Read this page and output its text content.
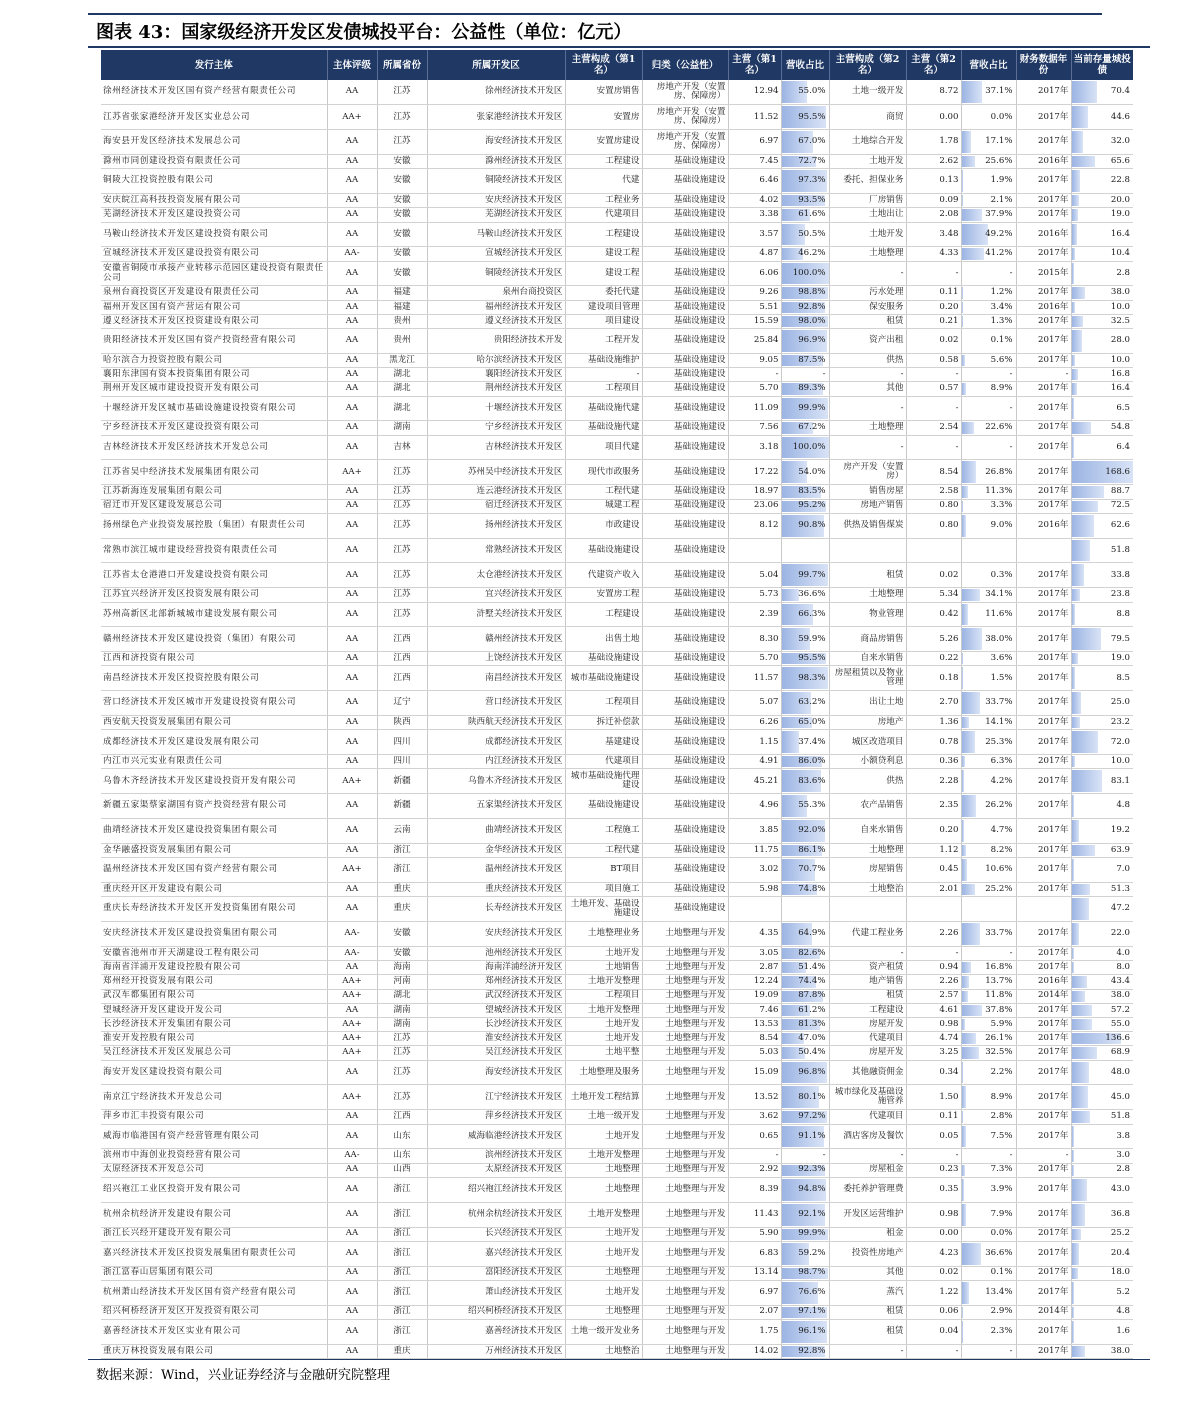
图表 43：国家级经济开发区发债城投平台：公益性（单位：亿元）
发行主体	主体评级	所属省份	所属开发区	主营构成（第1名）	归类（公益性）	主营（第1名）	营收占比	主营构成（第2名）	主营（第2名）	营收占比	财务数据年份	当前存量城投债
徐州经济技术开发区国有资产经营有限责任公司	AA	江苏	徐州经济技术开发区	安置房销售	房地产开发（安置房、保障房）	12.94	55.0%	土地一级开发	8.72	37.1%	2017年	70.4
江苏省张家港经济开发区实业总公司	AA+	江苏	张家港经济技术开发区	安置房	房地产开发（安置房、保障房）	11.52	95.5%	商贸	0.00	0.0%	2017年	44.6
海安县开发区经济技术发展总公司	AA	江苏	海安经济技术开发区	安置房建设	房地产开发（安置房、保障房）	6.97	67.0%	土地综合开发	1.78	17.1%	2017年	32.0
滁州市同创建设投资有限责任公司	AA	安徽	滁州经济技术开发区	工程建设	基础设施建设	7.45	72.7%	土地开发	2.62	25.6%	2016年	65.6
铜陵大江投资控股有限公司	AA	安徽	铜陵经济技术开发区	代建	基础设施建设	6.46	97.3%	委托、担保业务	0.13	1.9%	2017年	22.8
安庆皖江高科技投资发展有限公司	AA	安徽	安庆经济技术开发区	工程业务	基础设施建设	4.02	93.5%	厂房销售	0.09	2.1%	2017年	20.0
芜湖经济技术开发区建设投资公司	AA	安徽	芜湖经济技术开发区	代建项目	基础设施建设	3.38	61.6%	土地出让	2.08	37.9%	2017年	19.0
马鞍山经济技术开发区建设投资有限公司	AA	安徽	马鞍山经济技术开发区	工程建设	基础设施建设	3.57	50.5%	土地开发	3.48	49.2%	2016年	16.4
宣城经济技术开发区建设投资有限公司	AA-	安徽	宣城经济技术开发区	建设工程	基础设施建设	4.87	46.2%	土地整理	4.33	41.2%	2017年	10.4
安徽省铜陵市承接产业转移示范园区建设投资有限责任公司	AA	安徽	铜陵经济技术开发区	建设工程	基础设施建设	6.06	100.0%	-	-	-	2015年	2.8
泉州台商投资区开发建设有限责任公司	AA	福建	泉州台商投资区	委托代建	基础设施建设	9.26	98.8%	污水处理	0.11	1.2%	2017年	38.0
福州开发区国有资产营运有限公司	AA	福建	福州经济技术开发区	建设项目管理	基础设施建设	5.51	92.8%	保安服务	0.20	3.4%	2016年	10.0
遵义经济技术开发区投资建设有限公司	AA	贵州	遵义经济技术开发区	项目建设	基础设施建设	15.59	98.0%	租赁	0.21	1.3%	2017年	32.5
贵阳经济技术开发区国有资产投资经营有限公司	AA	贵州	贵阳经济技术开发	工程开发	基础设施建设	25.84	96.9%	资产出租	0.02	0.1%	2017年	28.0
哈尔滨合力投资控股有限公司	AA	黑龙江	哈尔滨经济技术开发区	基础设施维护	基础设施建设	9.05	87.5%	供热	0.58	5.6%	2017年	10.0
襄阳东津国有资本投资集团有限公司	AA	湖北	襄阳经济技术开发区	-	基础设施建设	-	-	-	-	-	-	16.8
荆州开发区城市建设投资开发有限公司	AA	湖北	荆州经济技术开发区	工程项目	基础设施建设	5.70	89.3%	其他	0.57	8.9%	2017年	16.4
十堰经济开发区城市基础设施建设投资有限公司	AA	湖北	十堰经济技术开发区	基础设施代建	基础设施建设	11.09	99.9%	-	-	-	2017年	6.5
宁乡经济技术开发区建设投资有限公司	AA	湖南	宁乡经济技术开发区	基础设施代建	基础设施建设	7.56	67.2%	土地整理	2.54	22.6%	2017年	54.8
吉林经济技术开发区经济技术开发总公司	AA	吉林	吉林经济技术开发区	项目代建	基础设施建设	3.18	100.0%	-	-	-	2017年	6.4
江苏省吴中经济技术发展集团有限公司	AA+	江苏	苏州吴中经济技术开发区	现代市政服务	基础设施建设	17.22	54.0%	房产开发（安置房）	8.54	26.8%	2017年	168.6
江苏新海连发展集团有限公司	AA	江苏	连云港经济技术开发区	工程代建	基础设施建设	18.97	83.5%	销售房屋	2.58	11.3%	2017年	88.7
宿迁市开发区建设发展总公司	AA	江苏	宿迁经济技术开发区	城建工程	基础设施建设	23.06	95.2%	房地产销售	0.80	3.3%	2017年	72.5
扬州绿色产业投资发展控股（集团）有限责任公司	AA	江苏	扬州经济技术开发区	市政建设	基础设施建设	8.12	90.8%	供热及销售煤炭	0.80	9.0%	2016年	62.6
常熟市滨江城市建设经营投资有限责任公司	AA	江苏	常熟经济技术开发区	基础设施建设	基础设施建设							51.8
江苏省太仓港港口开发建设投资有限公司	AA	江苏	太仓港经济技术开发区	代建资产收入	基础设施建设	5.04	99.7%	租赁	0.02	0.3%	2017年	33.8
江苏宜兴经济开发区投资发展有限公司	AA	江苏	宜兴经济技术开发区	安置房工程	基础设施建设	5.73	36.6%	土地整理	5.34	34.1%	2017年	23.8
苏州高新区北部新城城市建设发展有限公司	AA	江苏	浒墅关经济技术开发区	工程建设	基础设施建设	2.39	66.3%	物业管理	0.42	11.6%	2017年	8.8
赣州经济技术开发区建设投资（集团）有限公司	AA	江西	赣州经济技术开发区	出售土地	基础设施建设	8.30	59.9%	商品房销售	5.26	38.0%	2017年	79.5
江西和济投资有限公司	AA	江西	上饶经济技术开发区	基础设施建设	基础设施建设	5.70	95.5%	自来水销售	0.22	3.6%	2017年	19.0
南昌经济技术开发区投资控股有限公司	AA	江西	南昌经济技术开发区	城市基础设施建设	基础设施建设	11.57	98.3%	房屋租赁以及物业管理	0.18	1.5%	2017年	8.5
营口经济技术开发区城市开发建设投资有限公司	AA	辽宁	营口经济技术开发区	工程项目	基础设施建设	5.07	63.2%	出让土地	2.70	33.7%	2017年	25.0
西安航天投资发展集团有限公司	AA	陕西	陕西航天经济技术开发区	拆迁补偿款	基础设施建设	6.26	65.0%	房地产	1.36	14.1%	2017年	23.2
成都经济技术开发区建设发展有限公司	AA	四川	成都经济技术开发区	基建建设	基础设施建设	1.15	37.4%	城区改造项目	0.78	25.3%	2017年	72.0
内江市兴元实业有限责任公司	AA	四川	内江经济技术开发区	代建项目	基础设施建设	4.91	86.0%	小额贷利息	0.36	6.3%	2017年	10.0
乌鲁木齐经济技术开发区建设投资开发有限公司	AA+	新疆	乌鲁木齐经济技术开发区	城市基础设施代理建设	基础设施建设	45.21	83.6%	供热	2.28	4.2%	2017年	83.1
新疆五家渠蔡家湖国有资产投资经营有限公司	AA	新疆	五家渠经济技术开发区	基础设施建设	基础设施建设	4.96	55.3%	农产品销售	2.35	26.2%	2017年	4.8
曲靖经济技术开发区建设投资集团有限公司	AA	云南	曲靖经济技术开发区	工程施工	基础设施建设	3.85	92.0%	自来水销售	0.20	4.7%	2017年	19.2
金华融盛投资发展集团有限公司	AA	浙江	金华经济技术开发区	工程代建	基础设施建设	11.75	86.1%	土地整理	1.12	8.2%	2017年	63.9
温州经济技术开发区国有资产经营有限公司	AA+	浙江	温州经济技术开发区	BT项目	基础设施建设	3.02	70.7%	房屋销售	0.45	10.6%	2017年	7.0
重庆经开区开发建设有限公司	AA	重庆	重庆经济技术开发区	项目施工	基础设施建设	5.98	74.8%	土地整治	2.01	25.2%	2017年	51.3
重庆长寿经济技术开发区开发投资集团有限公司	AA	重庆	长寿经济技术开发区	土地开发、基础设施建设	基础设施建设							47.2
安庆经济技术开发区建设投资集团有限公司	AA-	安徽	安庆经济技术开发区	土地整理业务	土地整理与开发	4.35	64.9%	代建工程业务	2.26	33.7%	2017年	22.0
安徽省池州市开天湖建设工程有限公司	AA-	安徽	池州经济技术开发区	土地开发	土地整理与开发	3.05	82.6%	-	-	-	2017年	4.0
海南省洋浦开发建设控股有限公司	AA	海南	海南洋浦经济开发区	土地销售	土地整理与开发	2.87	51.4%	资产租赁	0.94	16.8%	2017年	8.0
郑州经开投资发展有限公司	AA+	河南	郑州经济技术开发区	土地开发整理	土地整理与开发	12.24	74.4%	地产销售	2.26	13.7%	2016年	43.4
武汉车都集团有限公司	AA+	湖北	武汉经济技术开发区	工程项目	土地整理与开发	19.09	87.8%	租赁	2.57	11.8%	2014年	38.0
望城经济开发区建设开发公司	AA	湖南	望城经济技术开发区	土地开发整理	土地整理与开发	7.46	61.2%	工程建设	4.61	37.8%	2017年	57.2
长沙经济技术开发集团有限公司	AA+	湖南	长沙经济技术开发区	土地开发	土地整理与开发	13.53	81.3%	房屋开发	0.98	5.9%	2017年	55.0
淮安开发控股有限公司	AA+	江苏	淮安经济技术开发区	土地开发	土地整理与开发	8.54	47.0%	代建项目	4.74	26.1%	2017年	136.6
吴江经济技术开发区发展总公司	AA+	江苏	吴江经济技术开发区	土地平整	土地整理与开发	5.03	50.4%	房屋开发	3.25	32.5%	2017年	68.9
海安开发区建设投资有限公司	AA	江苏	海安经济技术开发区	土地整理及服务	土地整理与开发	15.09	96.8%	其他融资佣金	0.34	2.2%	2017年	48.0
南京江宁经济技术开发总公司	AA+	江苏	江宁经济技术开发区	土地开发工程结算	土地整理与开发	13.52	80.1%	城市绿化及基础设施管养	1.50	8.9%	2017年	45.0
萍乡市汇丰投资有限公司	AA	江西	萍乡经济技术开发区	土地一级开发	土地整理与开发	3.62	97.2%	代建项目	0.11	2.8%	2017年	51.8
威海市临港国有资产经营管理有限公司	AA	山东	威海临港经济技术开发区	土地开发	土地整理与开发	0.65	91.1%	酒店客房及餐饮	0.05	7.5%	2017年	3.8
滨州市中海创业投资经营有限公司	AA-	山东	滨州经济技术开发区	土地开发整理	土地整理与开发	-	-	-	-	-	-	3.0
太原经济技术开发总公司	AA	山西	太原经济技术开发区	土地整理	土地整理与开发	2.92	92.3%	房屋租金	0.23	7.3%	2017年	2.8
绍兴袍江工业区投资开发有限公司	AA	浙江	绍兴袍江经济技术开发区	土地整理	土地整理与开发	8.39	94.8%	委托养护管理费	0.35	3.9%	2017年	43.0
杭州余杭经济开发建设有限公司	AA	浙江	杭州余杭经济技术开发区	土地开发整理	土地整理与开发	11.43	92.1%	开发区运营维护	0.98	7.9%	2017年	36.8
浙江长兴经开建设开发有限公司	AA	浙江	长兴经济技术开发区	土地开发	土地整理与开发	5.90	99.9%	租金	0.00	0.0%	2017年	25.2
嘉兴经济技术开发区投资发展集团有限责任公司	AA	浙江	嘉兴经济技术开发区	土地开发	土地整理与开发	6.83	59.2%	投资性房地产	4.23	36.6%	2017年	20.4
浙江富春山居集团有限公司	AA	浙江	富阳经济技术开发区	土地整理	土地整理与开发	13.14	98.7%	其他	0.02	0.1%	2017年	18.0
杭州萧山经济技术开发区国有资产经营有限公司	AA	浙江	萧山经济技术开发区	土地开发	土地整理与开发	6.97	76.6%	蒸汽	1.22	13.4%	2017年	5.2
绍兴柯桥经济开发区开发投资有限公司	AA	浙江	绍兴柯桥经济技术开发区	土地整理	土地整理与开发	2.07	97.1%	租赁	0.06	2.9%	2014年	4.8
嘉善经济技术开发区实业有限公司	AA	浙江	嘉善经济技术开发区	土地一级开发业务	土地整理与开发	1.75	96.1%	租赁	0.04	2.3%	2017年	1.6
重庆万林投资发展有限公司	AA	重庆	万州经济技术开发区	土地整治	土地整理与开发	14.02	92.8%	-	-	-	2017年	38.0
数据来源：Wind，兴业证券经济与金融研究院整理
